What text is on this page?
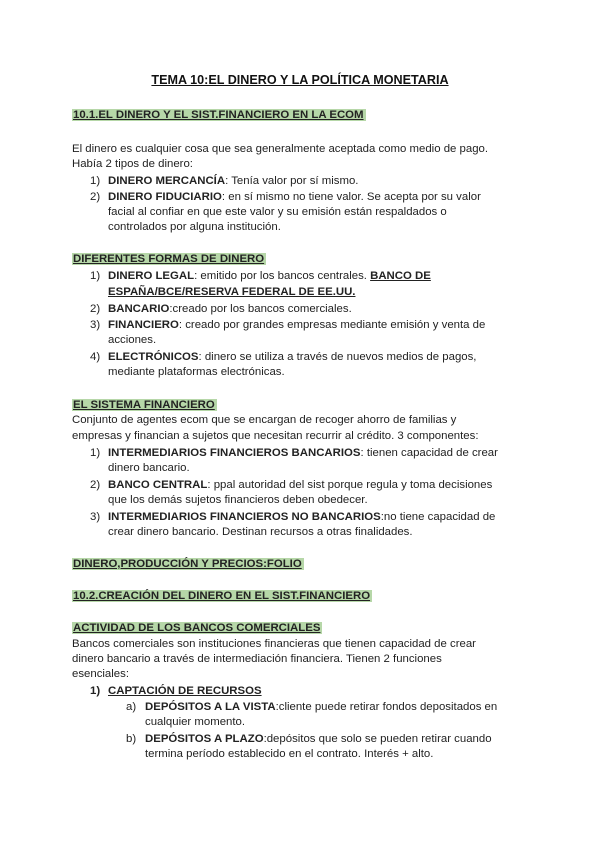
TEMA 10:EL DINERO Y LA POLÍTICA MONETARIA
10.1.EL DINERO Y EL SIST.FINANCIERO EN LA ECOM
El dinero es cualquier cosa que sea generalmente aceptada como medio de pago.
Había 2 tipos de dinero:
1) DINERO MERCANCÍA: Tenía valor por sí mismo.
2) DINERO FIDUCIARIO: en sí mismo no tiene valor. Se acepta por su valor
facial al confiar en que este valor y su emisión están respaldados o
controlados por alguna institución.
DIFERENTES FORMAS DE DINERO
1) DINERO LEGAL: emitido por los bancos centrales. BANCO DE
ESPAÑA/BCE/RESERVA FEDERAL DE EE.UU.
2) BANCARIO:creado por los bancos comerciales.
3) FINANCIERO: creado por grandes empresas mediante emisión y venta de
acciones.
4) ELECTRÓNICOS: dinero se utiliza a través de nuevos medios de pagos,
mediante plataformas electrónicas.
EL SISTEMA FINANCIERO
Conjunto de agentes ecom que se encargan de recoger ahorro de familias y
empresas y financian a sujetos que necesitan recurrir al crédito. 3 componentes:
1) INTERMEDIARIOS FINANCIEROS BANCARIOS: tienen capacidad de crear
dinero bancario.
2) BANCO CENTRAL: ppal autoridad del sist porque regula y toma decisiones
que los demás sujetos financieros deben obedecer.
3) INTERMEDIARIOS FINANCIEROS NO BANCARIOS:no tiene capacidad de
crear dinero bancario. Destinan recursos a otras finalidades.
DINERO,PRODUCCIÓN Y PRECIOS:FOLIO
10.2.CREACIÓN DEL DINERO EN EL SIST.FINANCIERO
ACTIVIDAD DE LOS BANCOS COMERCIALES
Bancos comerciales son instituciones financieras que tienen capacidad de crear
dinero bancario a través de intermediación financiera. Tienen 2 funciones
esenciales:
1) CAPTACIÓN DE RECURSOS
a) DEPÓSITOS A LA VISTA:cliente puede retirar fondos depositados en
cualquier momento.
b) DEPÓSITOS A PLAZO:depósitos que solo se pueden retirar cuando
termina período establecido en el contrato. Interés + alto.
